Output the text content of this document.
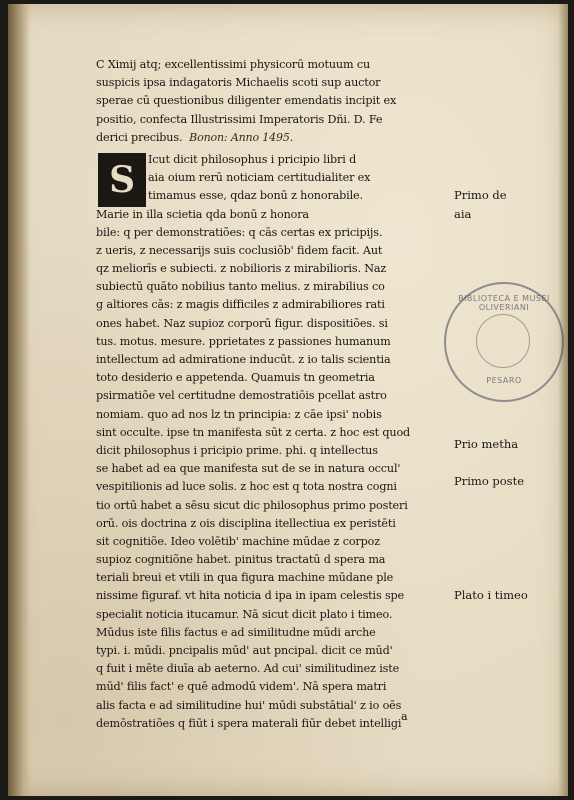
C Ximij atq; excellentissimi physicorū motuum cu
suspicis ipsa indagatoris Michaelis scoti sup auctor
sperae cū questionibus diligenter emendatis incipit ex
positio, confecta Illustrissimi Imperatoris Dñi. D. Fe
derici precibus. Bonon: Anno 1495.
S	Icut dicit philosophus i pricipio libri d
aia oium rerū noticiam certitudialiter ex
timamus esse, qdaz bonū z honorabile.
Marie in illa scietia qda bonū z honora
bile: q per demonstratiões: q cās certas ex pricipijs.
z ueris, z necessarijs suis coclusiōb' fidem facit. Aut
qz meliorīs e subiecti. z nobilioris z mirabilioris. Naz
subiectū quāto nobilius tanto melius. z mirabilius co
g altiores cās: z magis difficiles z admirabiliores rati
ones habet. Naz supioz corporū figur. dispositiões. si
tus. motus. mesure. pprietates z passiones humanum
intellectum ad admiratione inducūt. z io talis scientia
toto desiderio e appetenda. Quamuis tn geometria
psirmatiõe vel certitudne demostratiōis pcellat astro
nomiam. quo ad nos lz tn principia: z cāe ipsi' nobis
sint occulte. ipse tn manifesta sūt z certa. z hoc est quod
dicit philosophus i pricipio prime. phi. q intellectus
se habet ad ea que manifesta sut de se in natura occul'
vespitilionis ad luce solis. z hoc est q tota nostra cogni
tio ortū habet a sēsu sicut dic philosophus primo posteri
orū. ois doctrina z ois disciplina itellectiua ex peristēti
sit cognitiõe. Ideo volētib' machine mūdae z corpoz
supioz cognitiõne habet. pinitus tractatū d spera ma
teriali breui et vtili in qua figura machine mūdane ple
nissime figuraf. vt hita noticia d ipa in ipam celestis spe
specialit noticia itucamur. Nā sicut dicit plato i timeo.
Mūdus iste filis factus e ad similitudne mūdi arche
typi. i. mūdi. pncipalis mūd' aut pncipal. dicit ce mūd'
q fuit i mēte diuīa ab aeterno. Ad cui' similitudinez iste
mūd' filis fact' e quē admodū videm'. Nā spera matri
alis facta e ad similitudine hui' mūdi substātial' z io oēs
demōstratiões q fiūt i spera materali fiūr debet intelligi
a
Primo de
aia
Prio metha
Primo poste
Plato i timeo
BIBLIOTECA E MUSEI OLIVERIANI
PESARO
